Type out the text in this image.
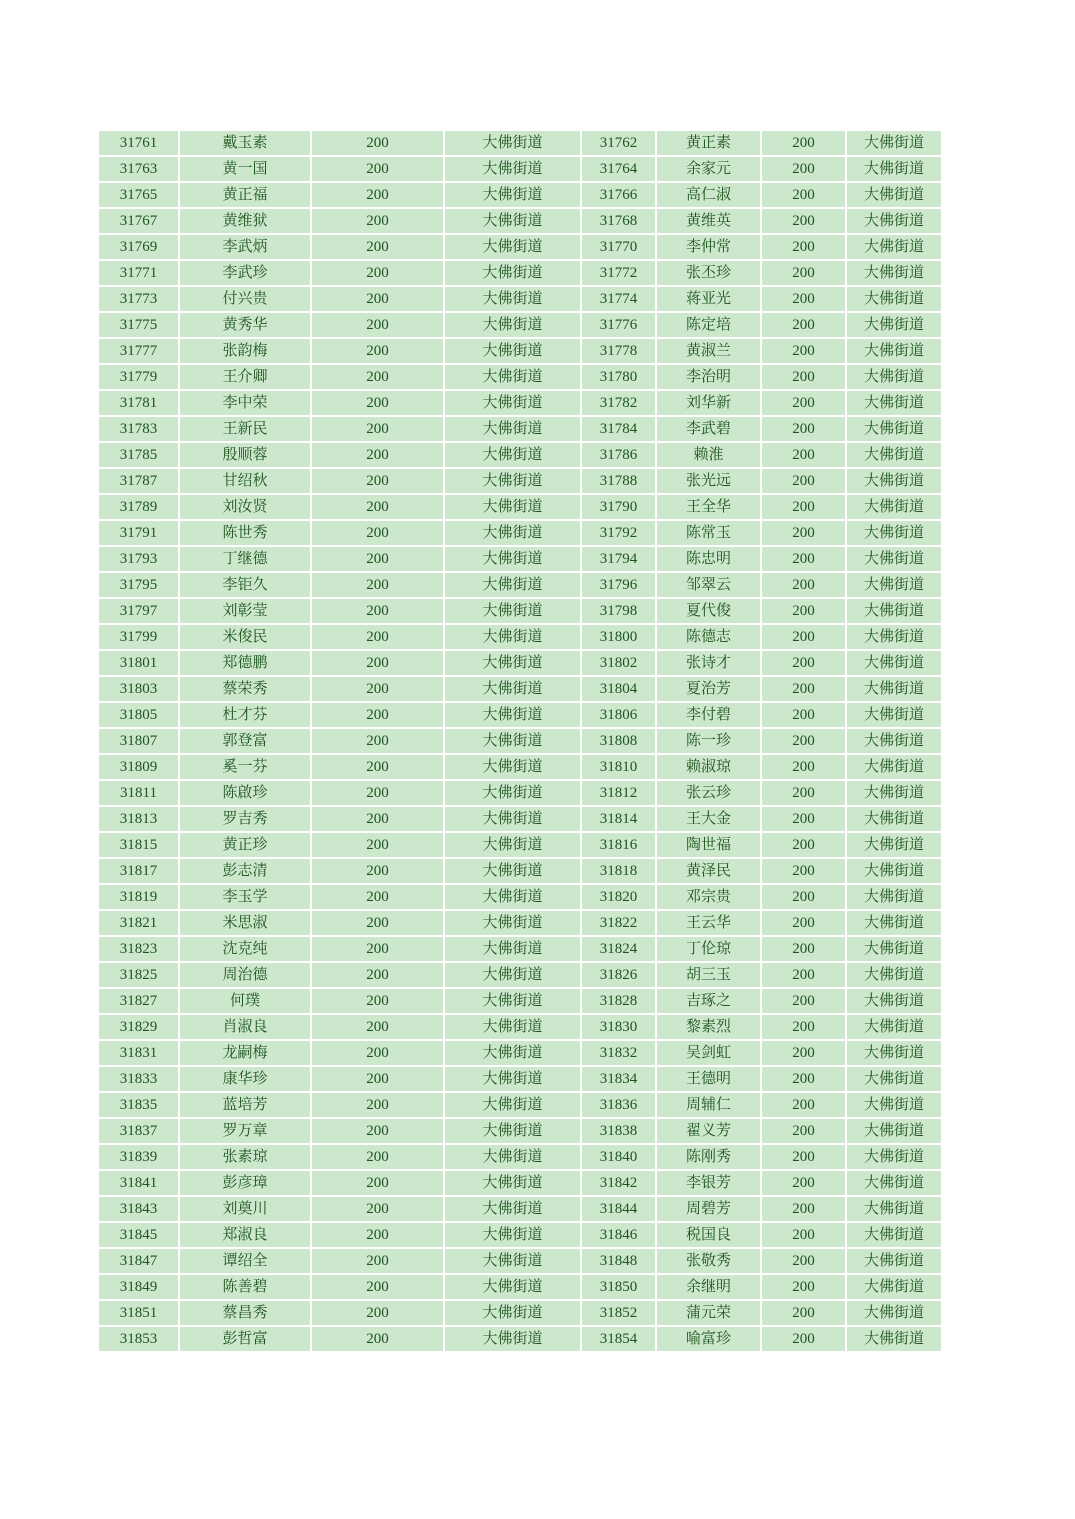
31761	戴玉素	200	大佛街道	31762	黄正素	200	大佛街道
31763	黄一国	200	大佛街道	31764	余家元	200	大佛街道
31765	黄正福	200	大佛街道	31766	高仁淑	200	大佛街道
31767	黄维狱	200	大佛街道	31768	黄维英	200	大佛街道
31769	李武炳	200	大佛街道	31770	李仲常	200	大佛街道
31771	李武珍	200	大佛街道	31772	张丕珍	200	大佛街道
31773	付兴贵	200	大佛街道	31774	蒋亚光	200	大佛街道
31775	黄秀华	200	大佛街道	31776	陈定培	200	大佛街道
31777	张韵梅	200	大佛街道	31778	黄淑兰	200	大佛街道
31779	王介卿	200	大佛街道	31780	李治明	200	大佛街道
31781	李中荣	200	大佛街道	31782	刘华新	200	大佛街道
31783	王新民	200	大佛街道	31784	李武碧	200	大佛街道
31785	殷顺蓉	200	大佛街道	31786	赖淮	200	大佛街道
31787	甘绍秋	200	大佛街道	31788	张光远	200	大佛街道
31789	刘汝贤	200	大佛街道	31790	王全华	200	大佛街道
31791	陈世秀	200	大佛街道	31792	陈常玉	200	大佛街道
31793	丁继德	200	大佛街道	31794	陈忠明	200	大佛街道
31795	李钜久	200	大佛街道	31796	邹翠云	200	大佛街道
31797	刘彰莹	200	大佛街道	31798	夏代俊	200	大佛街道
31799	米俊民	200	大佛街道	31800	陈德志	200	大佛街道
31801	郑德鹏	200	大佛街道	31802	张诗才	200	大佛街道
31803	蔡荣秀	200	大佛街道	31804	夏治芳	200	大佛街道
31805	杜才芬	200	大佛街道	31806	李付碧	200	大佛街道
31807	郭登富	200	大佛街道	31808	陈一珍	200	大佛街道
31809	奚一芬	200	大佛街道	31810	赖淑琼	200	大佛街道
31811	陈啟珍	200	大佛街道	31812	张云珍	200	大佛街道
31813	罗吉秀	200	大佛街道	31814	王大金	200	大佛街道
31815	黄正珍	200	大佛街道	31816	陶世福	200	大佛街道
31817	彭志清	200	大佛街道	31818	黄泽民	200	大佛街道
31819	李玉学	200	大佛街道	31820	邓宗贵	200	大佛街道
31821	米思淑	200	大佛街道	31822	王云华	200	大佛街道
31823	沈克纯	200	大佛街道	31824	丁伦琼	200	大佛街道
31825	周治德	200	大佛街道	31826	胡三玉	200	大佛街道
31827	何璞	200	大佛街道	31828	吉琢之	200	大佛街道
31829	肖淑良	200	大佛街道	31830	黎素烈	200	大佛街道
31831	龙嗣梅	200	大佛街道	31832	吴剑虹	200	大佛街道
31833	康华珍	200	大佛街道	31834	王德明	200	大佛街道
31835	蓝培芳	200	大佛街道	31836	周辅仁	200	大佛街道
31837	罗万章	200	大佛街道	31838	翟义芳	200	大佛街道
31839	张素琼	200	大佛街道	31840	陈刚秀	200	大佛街道
31841	彭彦璋	200	大佛街道	31842	李银芳	200	大佛街道
31843	刘奠川	200	大佛街道	31844	周碧芳	200	大佛街道
31845	郑淑良	200	大佛街道	31846	税国良	200	大佛街道
31847	谭绍全	200	大佛街道	31848	张敬秀	200	大佛街道
31849	陈善碧	200	大佛街道	31850	余继明	200	大佛街道
31851	蔡昌秀	200	大佛街道	31852	蒲元荣	200	大佛街道
31853	彭哲富	200	大佛街道	31854	喻富珍	200	大佛街道
